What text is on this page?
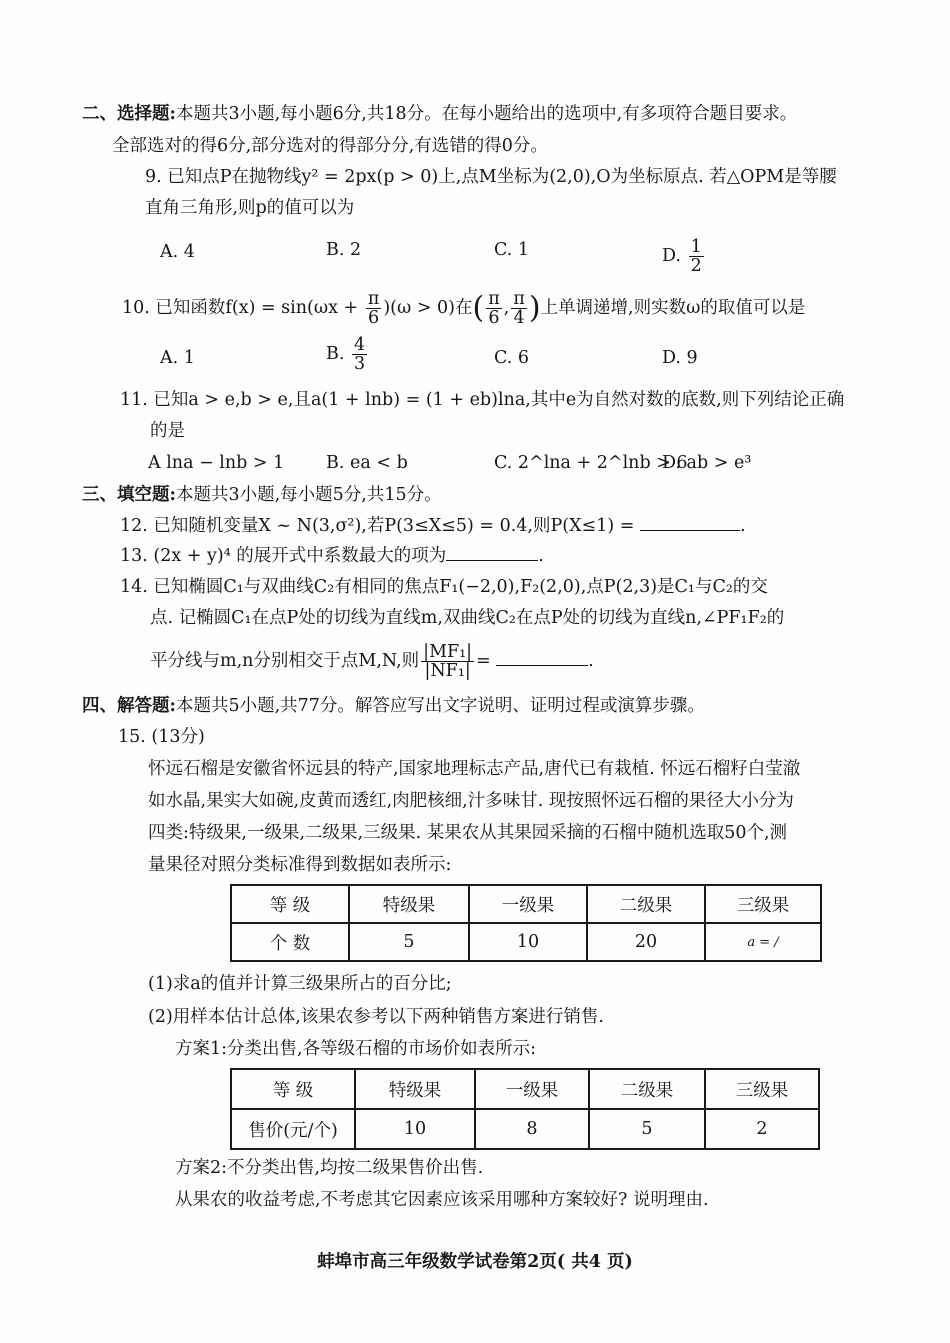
二、选择题:本题共3小题,每小题6分,共18分。在每小题给出的选项中,有多项符合题目要求。
全部选对的得6分,部分选对的得部分分,有选错的得0分。
9. 已知点P在抛物线y² = 2px(p > 0)上,点M坐标为(2,0),O为坐标原点. 若△OPM是等腰
直角三角形,则p的值可以为
A. 4	B. 2	C. 1	D. $\frac{1}{2}$
10. 已知函数$f(x) = \sin(\omega x + \frac{\pi}{6} )(\omega > 0)$在( $\frac{\pi}{6}$ , $\frac{\pi}{4}$ )上单调递增,则实数ω的取值可以是
A. 1	B. $\frac{4}{3}$	C. 6	D. 9
11. 已知a > e,b > e,且a(1 + lnb) = (1 + eb)lna,其中e为自然对数的底数,则下列结论正确
的是
A lna − lnb > 1 B. ea < b	C. 2^lna + 2^lnb > 6
D. ab > e³
三、填空题:本题共3小题,每小题5分,共15分。
12. 已知随机变量X ~ N(3,σ²),若P(3≤X≤5) = 0.4,则P(X≤1) =	.
13. (2x + y)⁴ 的展开式中系数最大的项为	.
14. 已知椭圆C₁与双曲线C₂有相同的焦点F₁(−2,0),F₂(2,0),点P(2,3)是C₁与C₂的交
点. 记椭圆C₁在点P处的切线为直线m,双曲线C₂在点P处的切线为直线n,∠PF₁F₂的
平分线与m,n分别相交于点M,N,则 $\frac{\text{|MF₁|}}{\text{|NF₁|}}$ =	.
四、解答题:本题共5小题,共77分。解答应写出文字说明、证明过程或演算步骤。
15. (13分)
怀远石榴是安徽省怀远县的特产,国家地理标志产品,唐代已有栽植. 怀远石榴籽白莹澈
如水晶,果实大如碗,皮黄而透红,肉肥核细,汁多味甘. 现按照怀远石榴的果径大小分为
四类:特级果,一级果,二级果,三级果. 某果农从其果园采摘的石榴中随机选取50个,测
量果径对照分类标准得到数据如表所示:
等 级	特级果	一级果	二级果	三级果
个 数	5	10	20	a = /
(1)求a的值并计算三级果所占的百分比;
(2)用样本估计总体,该果农参考以下两种销售方案进行销售.
方案1:分类出售,各等级石榴的市场价如表所示:
等 级	特级果	一级果	二级果	三级果
售价(元/个)	10	8	5	2
方案2:不分类出售,均按二级果售价出售.
从果农的收益考虑,不考虑其它因素应该采用哪种方案较好? 说明理由.
蚌埠市高三年级数学试卷第2页( 共4 页)
